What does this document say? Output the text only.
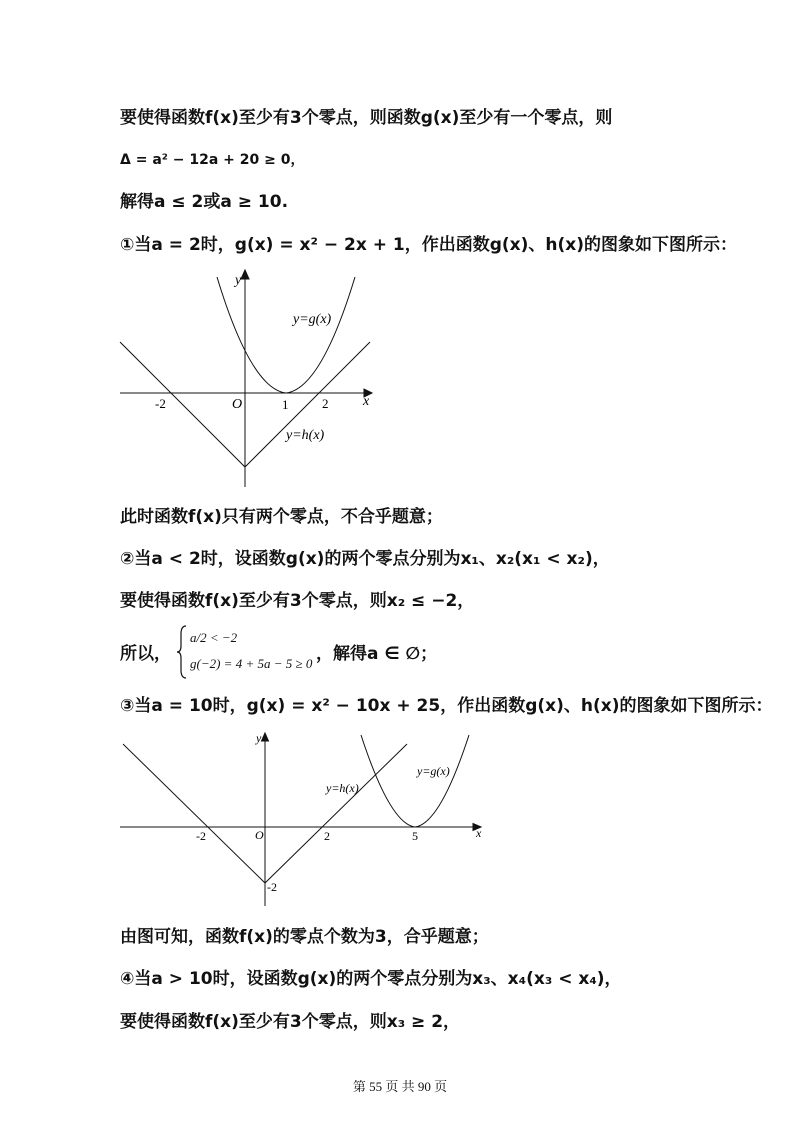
要使得函数f(x)至少有3个零点，则函数g(x)至少有一个零点，则
Δ = a² − 12a + 20 ≥ 0，
解得a ≤ 2或a ≥ 10.
①当a = 2时，g(x) = x² − 2x + 1，作出函数g(x)、h(x)的图象如下图所示：
y
x
O
-2	1	2
y=g(x)
y=h(x)
此时函数f(x)只有两个零点，不合乎题意；
②当a < 2时，设函数g(x)的两个零点分别为x₁、x₂(x₁ < x₂)，
要使得函数f(x)至少有3个零点，则x₂ ≤ −2，
所以，
a/2 < −2
g(−2) = 4 + 5a − 5 ≥ 0 ，解得a ∈ ∅；
③当a = 10时，g(x) = x² − 10x + 25，作出函数g(x)、h(x)的图象如下图所示：
y
x
O
-2	2	5
-2
y=g(x)
y=h(x)
由图可知，函数f(x)的零点个数为3，合乎题意；
④当a > 10时，设函数g(x)的两个零点分别为x₃、x₄(x₃ < x₄)，
要使得函数f(x)至少有3个零点，则x₃ ≥ 2，
第 55 页 共 90 页
